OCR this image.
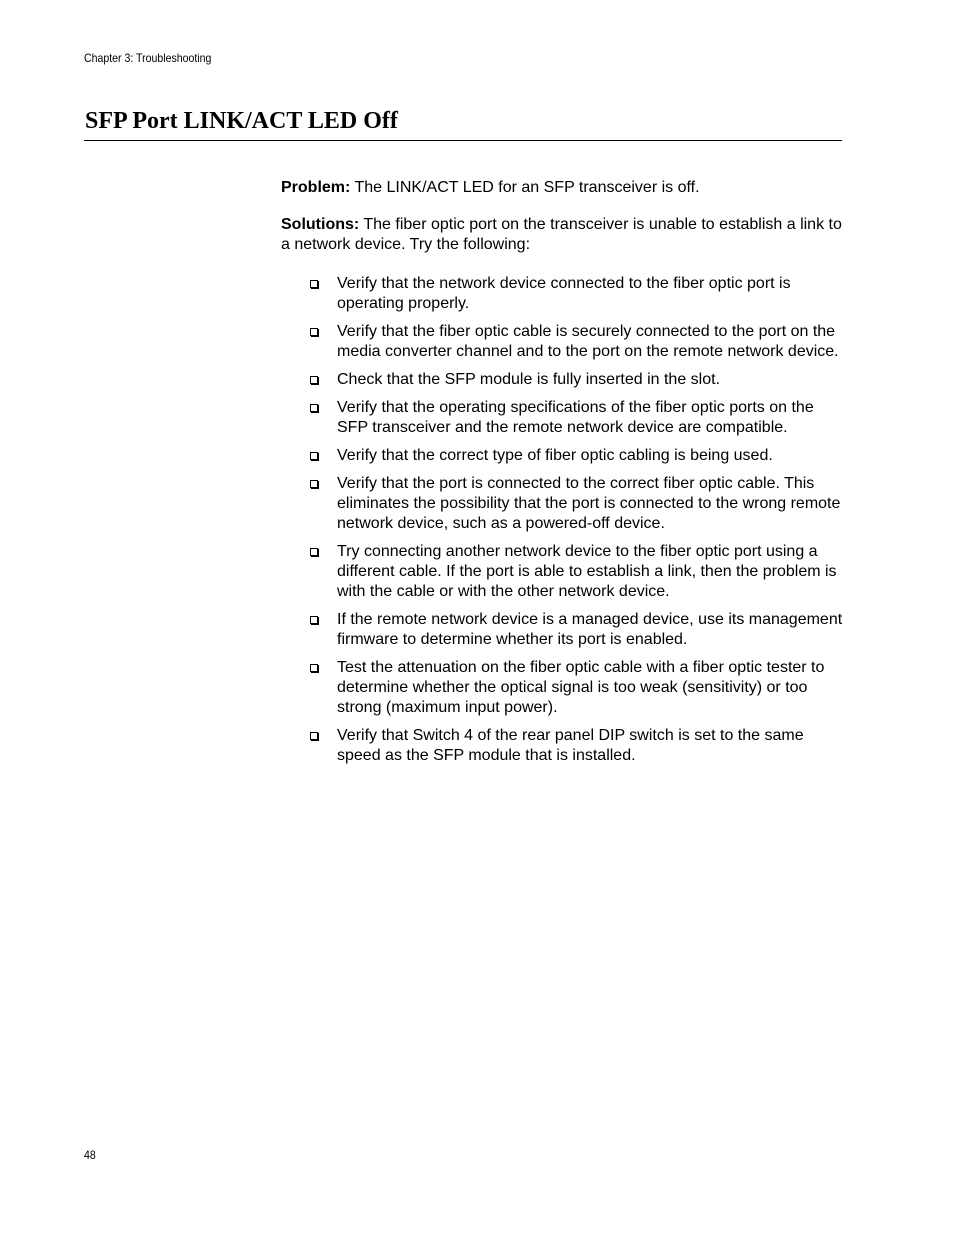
Chapter 3: Troubleshooting
SFP Port LINK/ACT LED Off

Problem: The LINK/ACT LED for an SFP transceiver is off.

Solutions: The fiber optic port on the transceiver is unable to establish a link to a network device. Try the following:

Verify that the network device connected to the fiber optic port is operating properly.
Verify that the fiber optic cable is securely connected to the port on the media converter channel and to the port on the remote network device.
Check that the SFP module is fully inserted in the slot.
Verify that the operating specifications of the fiber optic ports on the SFP transceiver and the remote network device are compatible.
Verify that the correct type of fiber optic cabling is being used.
Verify that the port is connected to the correct fiber optic cable. This eliminates the possibility that the port is connected to the wrong remote network device, such as a powered-off device.
Try connecting another network device to the fiber optic port using a different cable. If the port is able to establish a link, then the problem is with the cable or with the other network device.
If the remote network device is a managed device, use its management firmware to determine whether its port is enabled.
Test the attenuation on the fiber optic cable with a fiber optic tester to determine whether the optical signal is too weak (sensitivity) or too strong (maximum input power).
Verify that Switch 4 of the rear panel DIP switch is set to the same speed as the SFP module that is installed.
48
